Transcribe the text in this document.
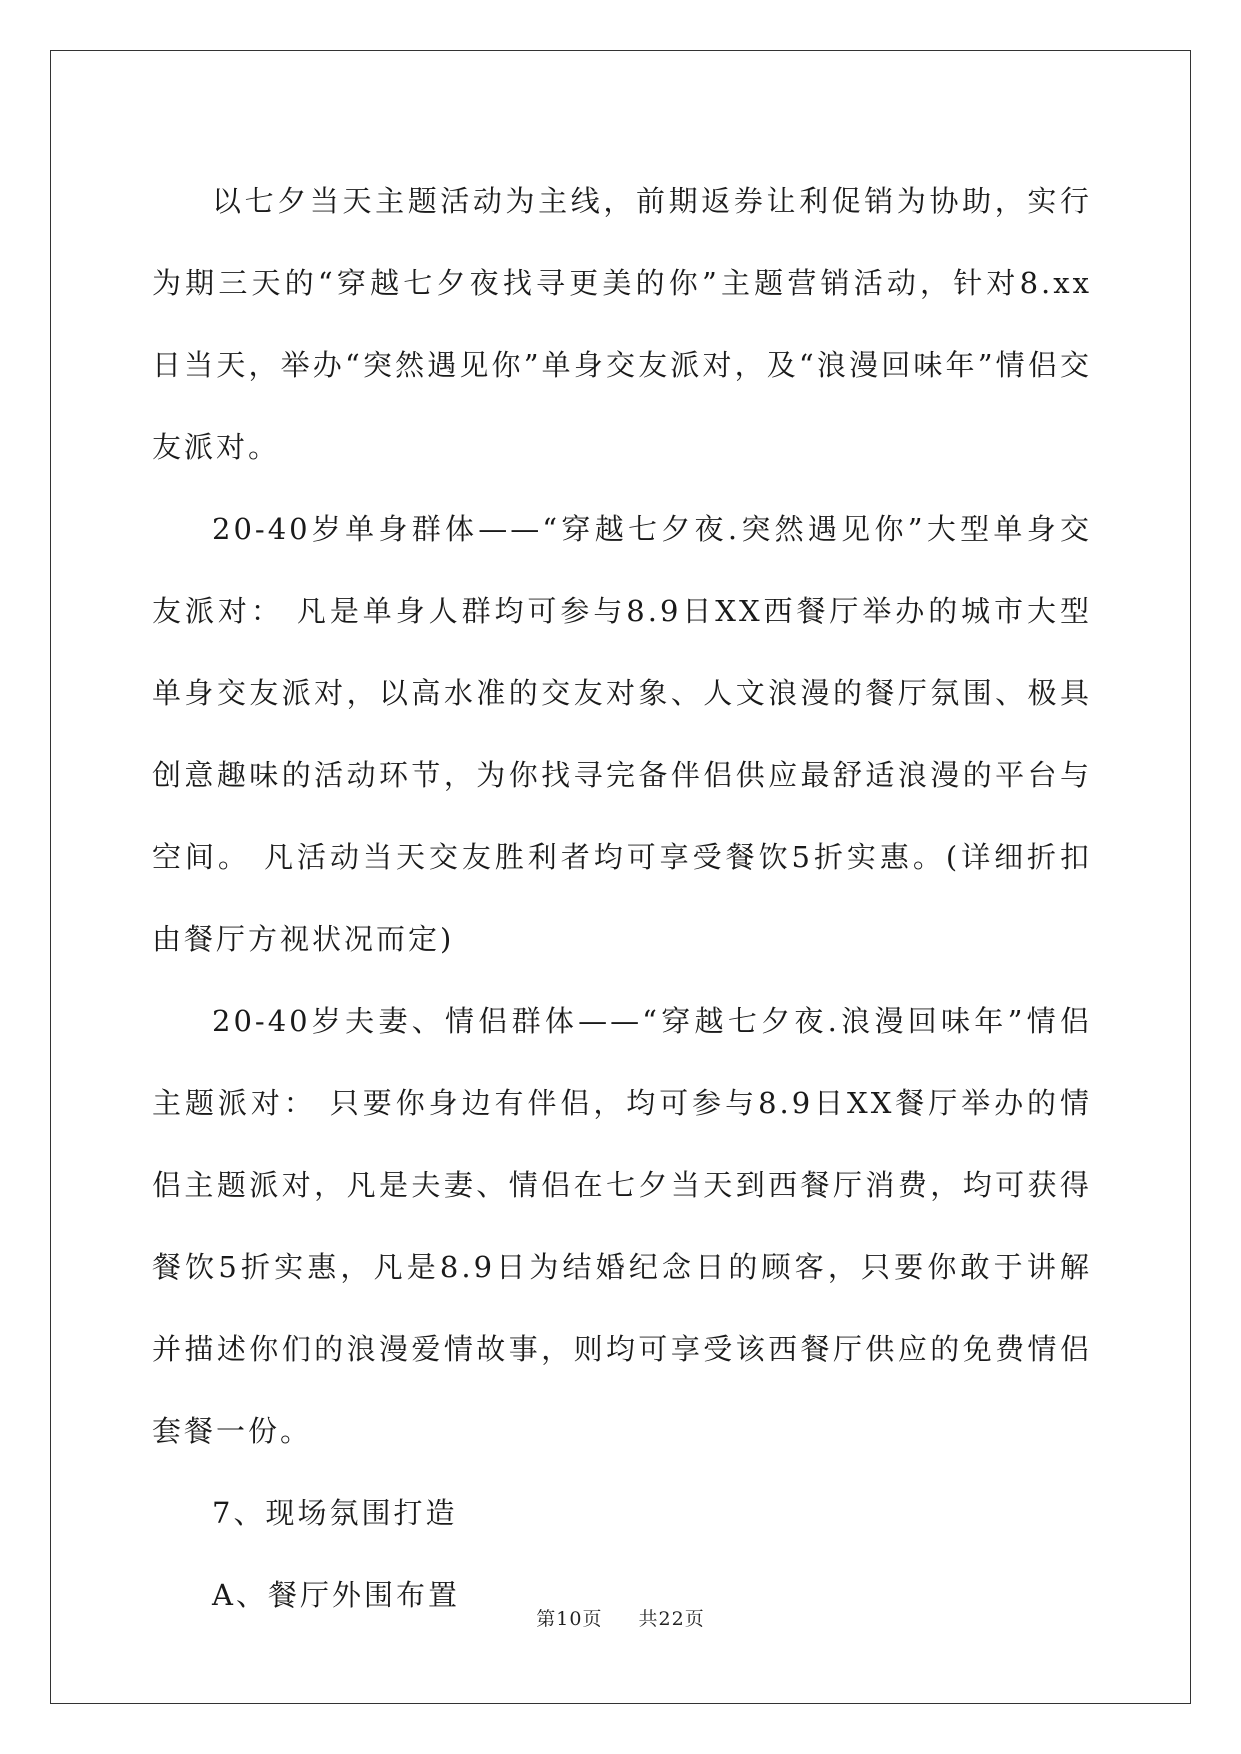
以七夕当天主题活动为主线，前期返券让利促销为协助，实行为期三天的“穿越七夕夜找寻更美的你”主题营销活动，针对8.xx日当天，举办“突然遇见你”单身交友派对，及“浪漫回味年”情侣交友派对。

20-40岁单身群体——“穿越七夕夜.突然遇见你”大型单身交友派对： 凡是单身人群均可参与8.9日XX西餐厅举办的城市大型单身交友派对，以高水准的交友对象、人文浪漫的餐厅氛围、极具创意趣味的活动环节，为你找寻完备伴侣供应最舒适浪漫的平台与空间。 凡活动当天交友胜利者均可享受餐饮5折实惠。(详细折扣由餐厅方视状况而定)

20-40岁夫妻、情侣群体——“穿越七夕夜.浪漫回味年”情侣主题派对： 只要你身边有伴侣，均可参与8.9日XX餐厅举办的情侣主题派对，凡是夫妻、情侣在七夕当天到西餐厅消费，均可获得餐饮5折实惠，凡是8.9日为结婚纪念日的顾客，只要你敢于讲解并描述你们的浪漫爱情故事，则均可享受该西餐厅供应的免费情侣套餐一份。

7、现场氛围打造

A、餐厅外围布置

第10页 共22页
